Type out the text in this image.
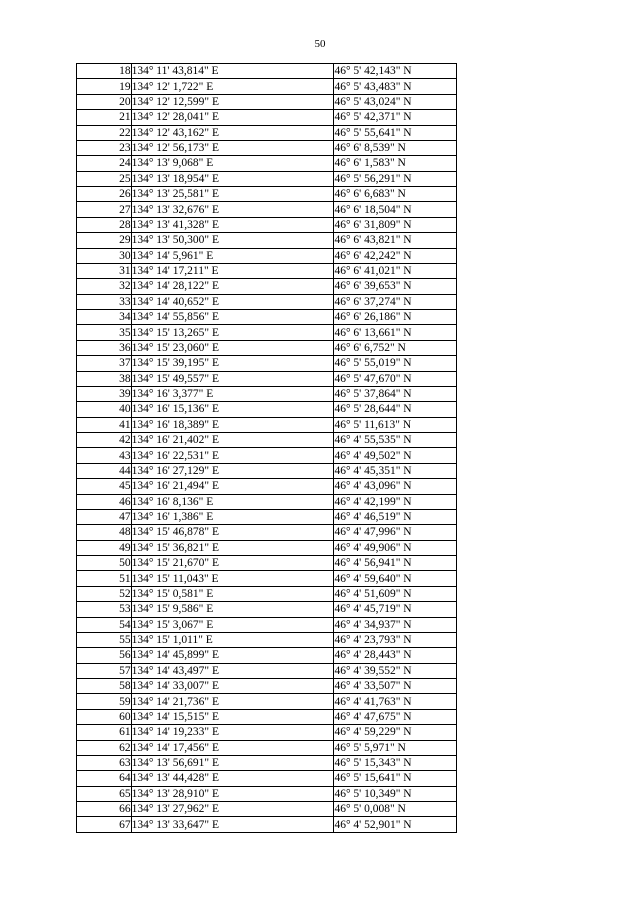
50
18	134° 11' 43,814" E	46° 5' 42,143" N
19	134° 12' 1,722" E	46° 5' 43,483" N
20	134° 12' 12,599" E	46° 5' 43,024" N
21	134° 12' 28,041" E	46° 5' 42,371" N
22	134° 12' 43,162" E	46° 5' 55,641" N
23	134° 12' 56,173" E	46° 6' 8,539" N
24	134° 13' 9,068" E	46° 6' 1,583" N
25	134° 13' 18,954" E	46° 5' 56,291" N
26	134° 13' 25,581" E	46° 6' 6,683" N
27	134° 13' 32,676" E	46° 6' 18,504" N
28	134° 13' 41,328" E	46° 6' 31,809" N
29	134° 13' 50,300" E	46° 6' 43,821" N
30	134° 14' 5,961" E	46° 6' 42,242" N
31	134° 14' 17,211" E	46° 6' 41,021" N
32	134° 14' 28,122" E	46° 6' 39,653" N
33	134° 14' 40,652" E	46° 6' 37,274" N
34	134° 14' 55,856" E	46° 6' 26,186" N
35	134° 15' 13,265" E	46° 6' 13,661" N
36	134° 15' 23,060" E	46° 6' 6,752" N
37	134° 15' 39,195" E	46° 5' 55,019" N
38	134° 15' 49,557" E	46° 5' 47,670" N
39	134° 16' 3,377" E	46° 5' 37,864" N
40	134° 16' 15,136" E	46° 5' 28,644" N
41	134° 16' 18,389" E	46° 5' 11,613" N
42	134° 16' 21,402" E	46° 4' 55,535" N
43	134° 16' 22,531" E	46° 4' 49,502" N
44	134° 16' 27,129" E	46° 4' 45,351" N
45	134° 16' 21,494" E	46° 4' 43,096" N
46	134° 16' 8,136" E	46° 4' 42,199" N
47	134° 16' 1,386" E	46° 4' 46,519" N
48	134° 15' 46,878" E	46° 4' 47,996" N
49	134° 15' 36,821" E	46° 4' 49,906" N
50	134° 15' 21,670" E	46° 4' 56,941" N
51	134° 15' 11,043" E	46° 4' 59,640" N
52	134° 15' 0,581" E	46° 4' 51,609" N
53	134° 15' 9,586" E	46° 4' 45,719" N
54	134° 15' 3,067" E	46° 4' 34,937" N
55	134° 15' 1,011" E	46° 4' 23,793" N
56	134° 14' 45,899" E	46° 4' 28,443" N
57	134° 14' 43,497" E	46° 4' 39,552" N
58	134° 14' 33,007" E	46° 4' 33,507" N
59	134° 14' 21,736" E	46° 4' 41,763" N
60	134° 14' 15,515" E	46° 4' 47,675" N
61	134° 14' 19,233" E	46° 4' 59,229" N
62	134° 14' 17,456" E	46° 5' 5,971" N
63	134° 13' 56,691" E	46° 5' 15,343" N
64	134° 13' 44,428" E	46° 5' 15,641" N
65	134° 13' 28,910" E	46° 5' 10,349" N
66	134° 13' 27,962" E	46° 5' 0,008" N
67	134° 13' 33,647" E	46° 4' 52,901" N
